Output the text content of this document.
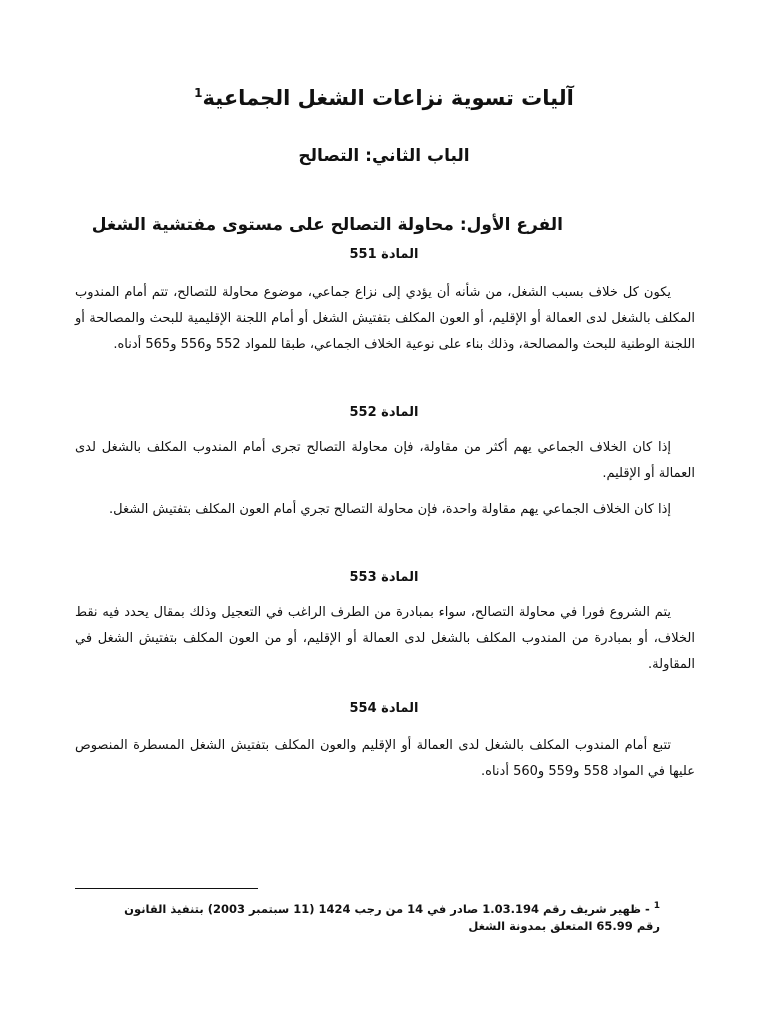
آليات تسوية نزاعات الشغل الجماعية$^1$
الباب الثاني: التصالح
الفرع الأول: محاولة التصالح على مستوى مفتشية الشغل
المادة 551

يكون كل خلاف بسبب الشغل، من شأنه أن يؤدي إلى نزاع جماعي، موضوع محاولة للتصالح، تتم أمام المندوب المكلف بالشغل لدى العمالة أو الإقليم، أو العون المكلف بتفتيش الشغل أو أمام اللجنة الإقليمية للبحث والمصالحة أو اللجنة الوطنية للبحث والمصالحة، وذلك بناء على نوعية الخلاف الجماعي، طبقا للمواد 552 و556 و565 أدناه.

المادة 552

إذا كان الخلاف الجماعي يهم أكثر من مقاولة، فإن محاولة التصالح تجرى أمام المندوب المكلف بالشغل لدى العمالة أو الإقليم.

إذا كان الخلاف الجماعي يهم مقاولة واحدة، فإن محاولة التصالح تجري أمام العون المكلف بتفتيش الشغل.

المادة 553

يتم الشروع فورا في محاولة التصالح، سواء بمبادرة من الطرف الراغب في التعجيل وذلك بمقال يحدد فيه نقط الخلاف، أو بمبادرة من المندوب المكلف بالشغل لدى العمالة أو الإقليم، أو من العون المكلف بتفتيش الشغل في المقاولة.

المادة 554

تتبع أمام المندوب المكلف بالشغل لدى العمالة أو الإقليم والعون المكلف بتفتيش الشغل المسطرة المنصوص عليها في المواد 558 و559 و560 أدناه.

$^1$ - ظهير شريف رقم 1.03.194 صادر في 14 من رجب 1424 (11 سبتمبر 2003) بتنفيذ القانون رقم 65.99 المتعلق بمدونة الشغل
